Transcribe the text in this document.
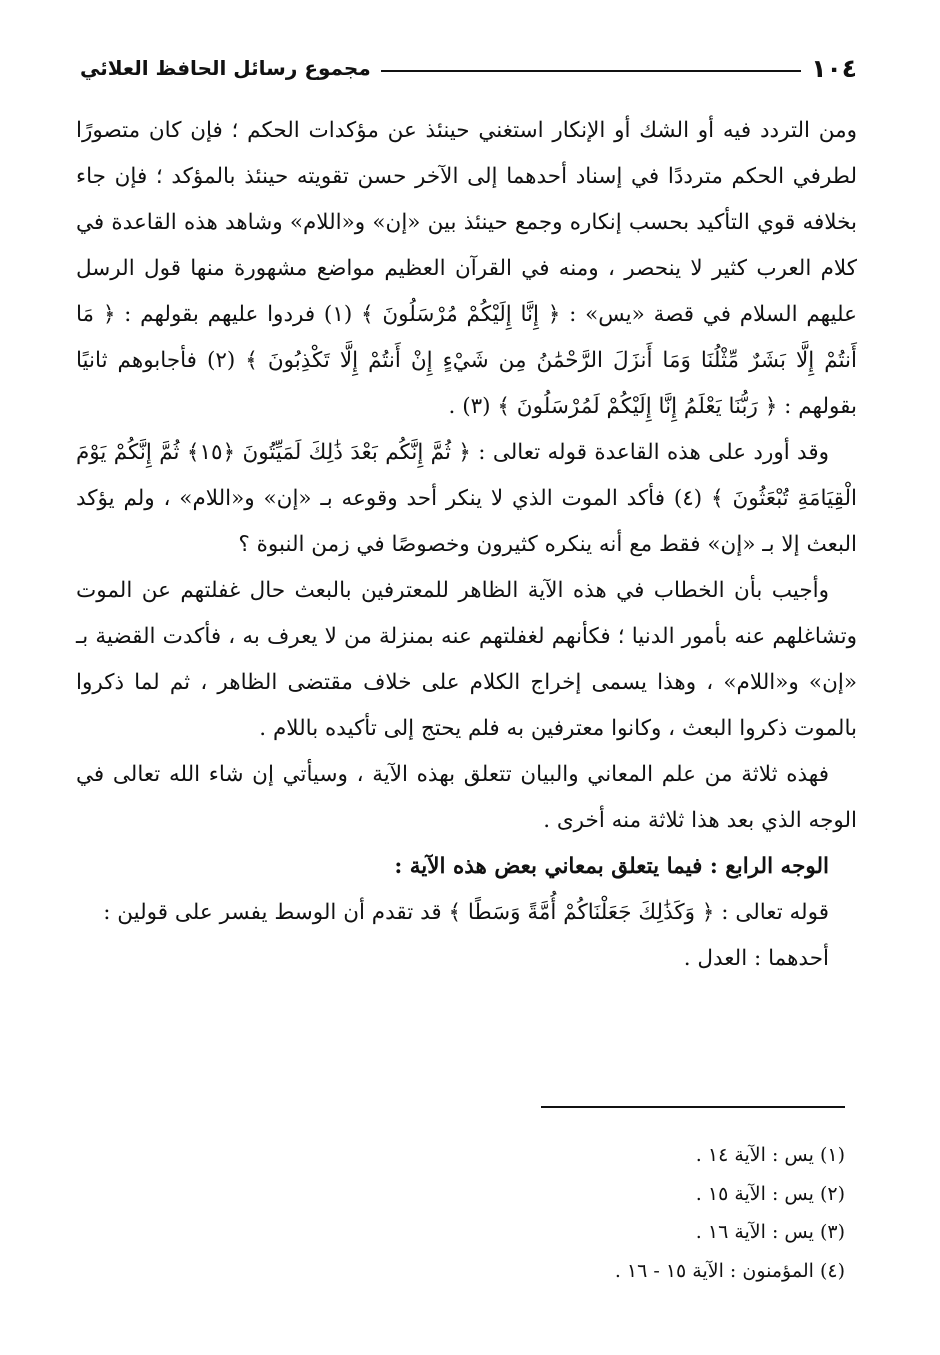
١٠٤
مجموع رسائل الحافظ العلائي

ومن التردد فيه أو الشك أو الإنكار استغني حينئذ عن مؤكدات الحكم ؛ فإن كان متصورًا لطرفي الحكم مترددًا في إسناد أحدهما إلى الآخر حسن تقويته حينئذ بالمؤكد ؛ فإن جاء بخلافه قوي التأكيد بحسب إنكاره وجمع حينئذ بين «إن» و«اللام» وشاهد هذه القاعدة في كلام العرب كثير لا ينحصر ، ومنه في القرآن العظيم مواضع مشهورة منها قول الرسل عليهم السلام في قصة «يس» : ﴿ إِنَّا إِلَيْكُمْ مُرْسَلُونَ ﴾ (١) فردوا عليهم بقولهم : ﴿ مَا أَنتُمْ إِلَّا بَشَرٌ مِّثْلُنَا وَمَا أَنزَلَ الرَّحْمَٰنُ مِن شَيْءٍ إِنْ أَنتُمْ إِلَّا تَكْذِبُونَ ﴾ (٢) فأجابوهم ثانيًا بقولهم : ﴿ رَبُّنَا يَعْلَمُ إِنَّا إِلَيْكُمْ لَمُرْسَلُونَ ﴾ (٣) .

وقد أورد على هذه القاعدة قوله تعالى : ﴿ ثُمَّ إِنَّكُم بَعْدَ ذَٰلِكَ لَمَيِّتُونَ ﴿١٥﴾ ثُمَّ إِنَّكُمْ يَوْمَ الْقِيَامَةِ تُبْعَثُونَ ﴾ (٤) فأكد الموت الذي لا ينكر أحد وقوعه بـ «إن» و«اللام» ، ولم يؤكد البعث إلا بـ «إن» فقط مع أنه ينكره كثيرون وخصوصًا في زمن النبوة ؟

وأجيب بأن الخطاب في هذه الآية الظاهر للمعترفين بالبعث حال غفلتهم عن الموت وتشاغلهم عنه بأمور الدنيا ؛ فكأنهم لغفلتهم عنه بمنزلة من لا يعرف به ، فأكدت القضية بـ «إن» و«اللام» ، وهذا يسمى إخراج الكلام على خلاف مقتضى الظاهر ، ثم لما ذكروا بالموت ذكروا البعث ، وكانوا معترفين به فلم يحتج إلى تأكيده باللام .

فهذه ثلاثة من علم المعاني والبيان تتعلق بهذه الآية ، وسيأتي إن شاء الله تعالى في الوجه الذي بعد هذا ثلاثة منه أخرى .

الوجه الرابع : فيما يتعلق بمعاني بعض هذه الآية :

قوله تعالى : ﴿ وَكَذَٰلِكَ جَعَلْنَاكُمْ أُمَّةً وَسَطًا ﴾ قد تقدم أن الوسط يفسر على قولين :

أحدهما : العدل .

(١) يس : الآية ١٤ .
(٢) يس : الآية ١٥ .
(٣) يس : الآية ١٦ .
(٤) المؤمنون : الآية ١٥ - ١٦ .
